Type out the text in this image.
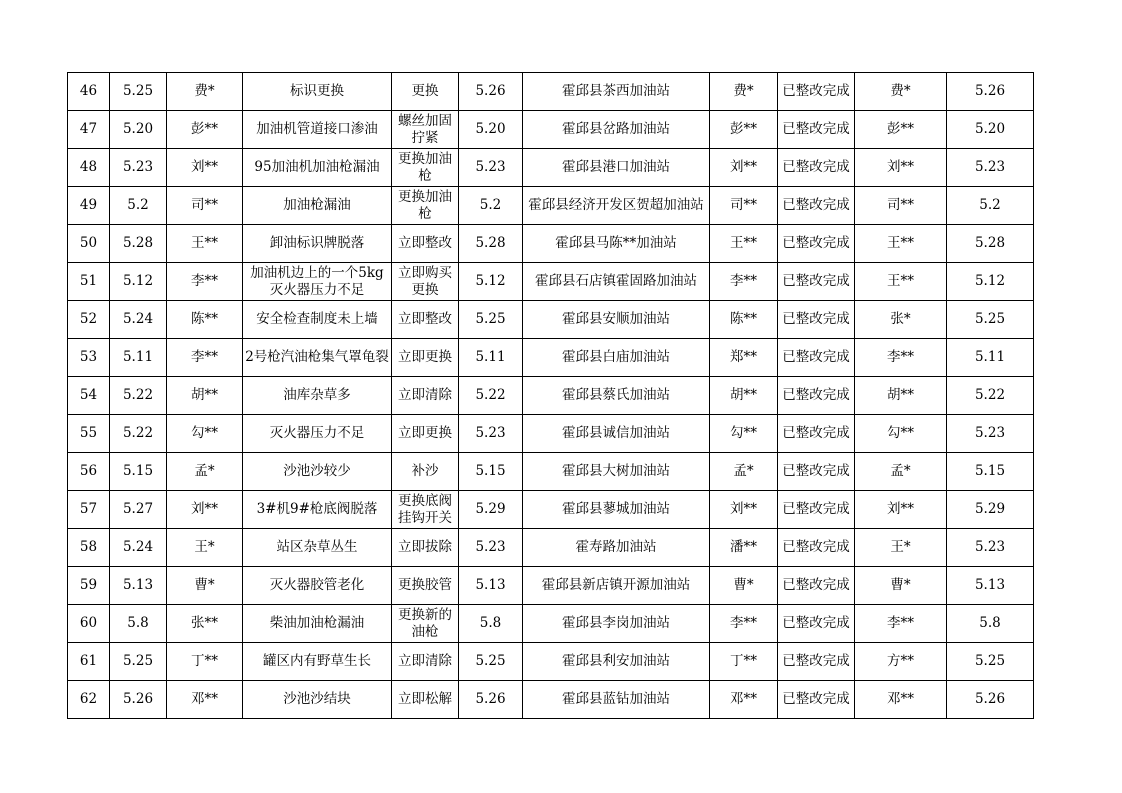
46	5.25	费*	标识更换	更换	5.26	霍邱县茶西加油站	费*	已整改完成	费*	5.26
47	5.20	彭**	加油机管道接口渗油	螺丝加固拧紧	5.20	霍邱县岔路加油站	彭**	已整改完成	彭**	5.20
48	5.23	刘**	95加油机加油枪漏油	更换加油枪	5.23	霍邱县港口加油站	刘**	已整改完成	刘**	5.23
49	5.2	司**	加油枪漏油	更换加油枪	5.2	霍邱县经济开发区贺超加油站	司**	已整改完成	司**	5.2
50	5.28	王**	卸油标识牌脱落	立即整改	5.28	霍邱县马陈**加油站	王**	已整改完成	王**	5.28
51	5.12	李**	加油机边上的一个5kg灭火器压力不足	立即购买更换	5.12	霍邱县石店镇霍固路加油站	李**	已整改完成	王**	5.12
52	5.24	陈**	安全检查制度未上墙	立即整改	5.25	霍邱县安顺加油站	陈**	已整改完成	张*	5.25
53	5.11	李**	2号枪汽油枪集气罩龟裂	立即更换	5.11	霍邱县白庙加油站	郑**	已整改完成	李**	5.11
54	5.22	胡**	油库杂草多	立即清除	5.22	霍邱县蔡氏加油站	胡**	已整改完成	胡**	5.22
55	5.22	勾**	灭火器压力不足	立即更换	5.23	霍邱县诚信加油站	勾**	已整改完成	勾**	5.23
56	5.15	孟*	沙池沙较少	补沙	5.15	霍邱县大树加油站	孟*	已整改完成	孟*	5.15
57	5.27	刘**	3#机9#枪底阀脱落	更换底阀挂钩开关	5.29	霍邱县蓼城加油站	刘**	已整改完成	刘**	5.29
58	5.24	王*	站区杂草丛生	立即拔除	5.23	霍寿路加油站	潘**	已整改完成	王*	5.23
59	5.13	曹*	灭火器胶管老化	更换胶管	5.13	霍邱县新店镇开源加油站	曹*	已整改完成	曹*	5.13
60	5.8	张**	柴油加油枪漏油	更换新的油枪	5.8	霍邱县李岗加油站	李**	已整改完成	李**	5.8
61	5.25	丁**	罐区内有野草生长	立即清除	5.25	霍邱县利安加油站	丁**	已整改完成	方**	5.25
62	5.26	邓**	沙池沙结块	立即松解	5.26	霍邱县蓝钻加油站	邓**	已整改完成	邓**	5.26
